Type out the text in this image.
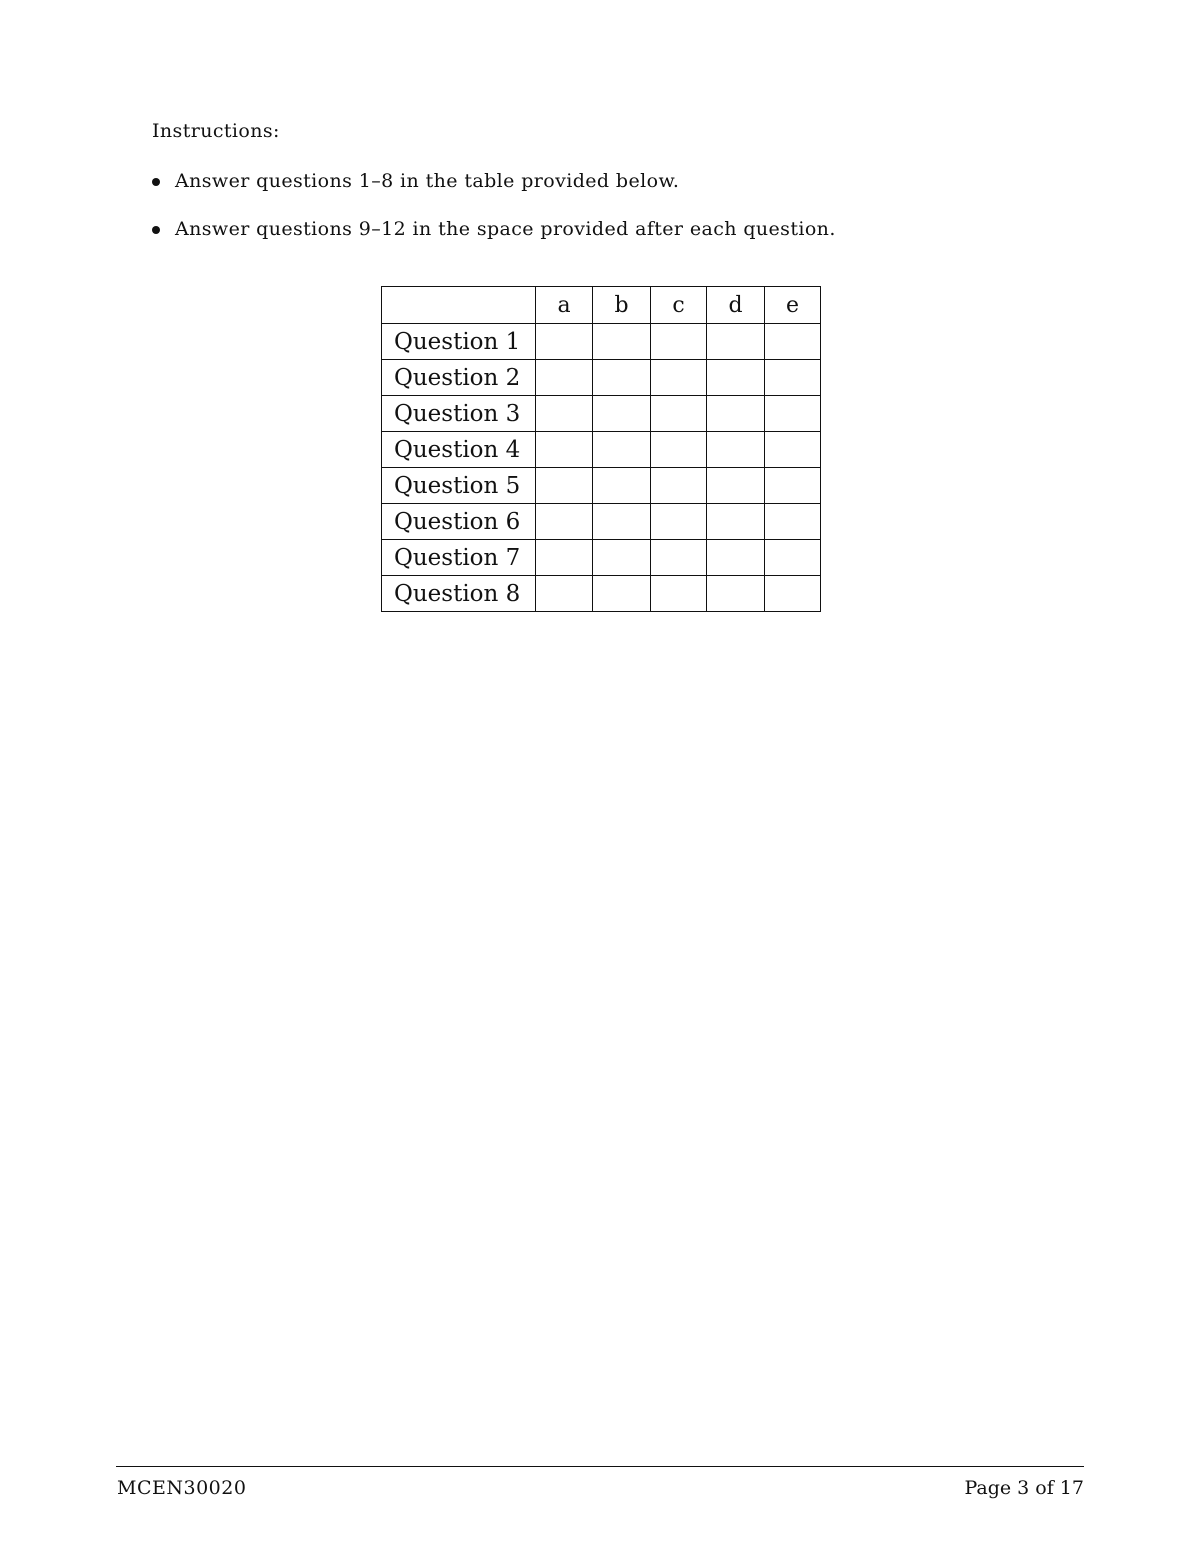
Instructions:
Answer questions 1–8 in the table provided below.
Answer questions 9–12 in the space provided after each question.
	a	b	c	d	e
Question 1					
Question 2					
Question 3					
Question 4					
Question 5					
Question 6					
Question 7					
Question 8					
MCEN30020	Page 3 of 17
